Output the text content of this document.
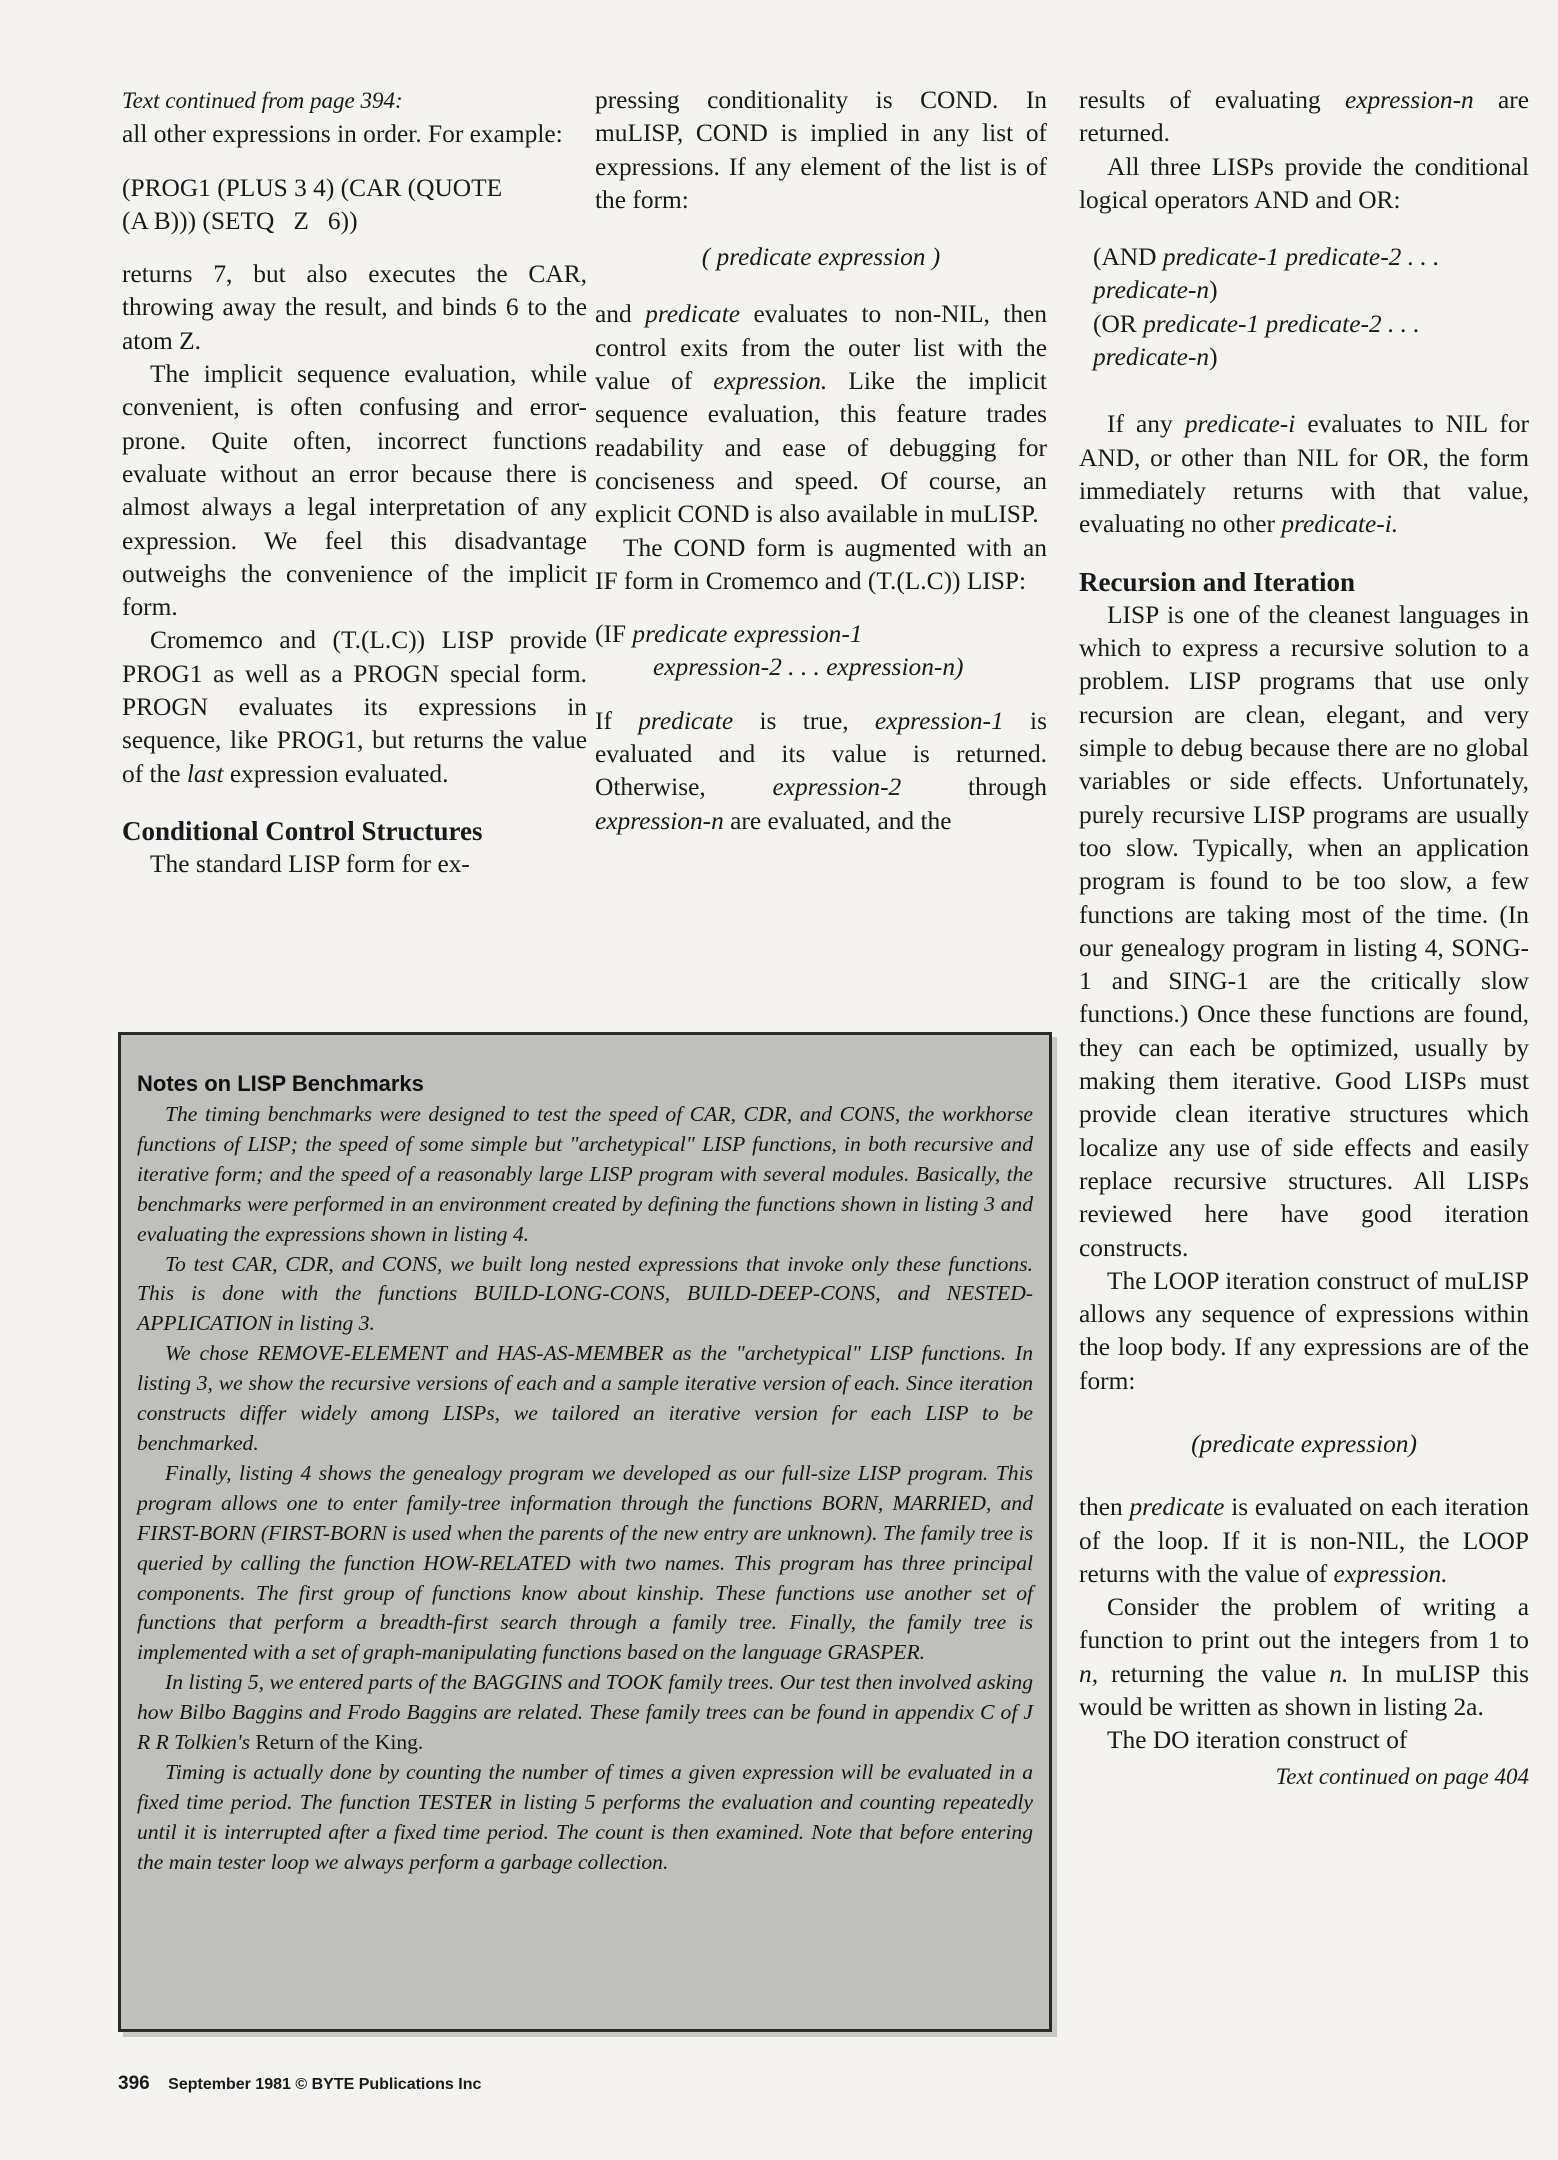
Text continued from page 394:

all other expressions in order. For example:

(PROG1 (PLUS 3 4) (CAR (QUOTE
(A B))) (SETQ   Z   6))

returns 7, but also executes the CAR, throwing away the result, and binds 6 to the atom Z.

The implicit sequence evaluation, while convenient, is often confusing and error-prone. Quite often, incorrect functions evaluate without an error because there is almost always a legal interpretation of any expression. We feel this disadvantage outweighs the convenience of the implicit form.

Cromemco and (T.(L.C)) LISP provide PROG1 as well as a PROGN special form. PROGN evaluates its expressions in sequence, like PROG1, but returns the value of the last expression evaluated.

Conditional Control Structures

The standard LISP form for ex-

pressing conditionality is COND. In muLISP, COND is implied in any list of expressions. If any element of the list is of the form:

( predicate expression )

and predicate evaluates to non-NIL, then control exits from the outer list with the value of expression. Like the implicit sequence evaluation, this feature trades readability and ease of debugging for conciseness and speed. Of course, an explicit COND is also available in muLISP.

The COND form is augmented with an IF form in Cromemco and (T.(L.C)) LISP:

(IF predicate expression-1
expression-2 . . . expression-n)

If predicate is true, expression-1 is evaluated and its value is returned. Otherwise, expression-2 through expression-n are evaluated, and the

results of evaluating expression-n are returned.

All three LISPs provide the conditional logical operators AND and OR:

(AND predicate-1 predicate-2 . . .
predicate-n)
(OR predicate-1 predicate-2 . . .
predicate-n)

If any predicate-i evaluates to NIL for AND, or other than NIL for OR, the form immediately returns with that value, evaluating no other predicate-i.

Recursion and Iteration

LISP is one of the cleanest languages in which to express a recursive solution to a problem. LISP programs that use only recursion are clean, elegant, and very simple to debug because there are no global variables or side effects. Unfortunately, purely recursive LISP programs are usually too slow. Typically, when an application program is found to be too slow, a few functions are taking most of the time. (In our genealogy program in listing 4, SONG-1 and SING-1 are the critically slow functions.) Once these functions are found, they can each be optimized, usually by making them iterative. Good LISPs must provide clean iterative structures which localize any use of side effects and easily replace recursive structures. All LISPs reviewed here have good iteration constructs.

The LOOP iteration construct of muLISP allows any sequence of expressions within the loop body. If any expressions are of the form:

(predicate expression)

then predicate is evaluated on each iteration of the loop. If it is non-NIL, the LOOP returns with the value of expression.

Consider the problem of writing a function to print out the integers from 1 to n, returning the value n. In muLISP this would be written as shown in listing 2a.

The DO iteration construct of

Text continued on page 404
Notes on LISP Benchmarks

The timing benchmarks were designed to test the speed of CAR, CDR, and CONS, the workhorse functions of LISP; the speed of some simple but "archetypical" LISP functions, in both recursive and iterative form; and the speed of a reasonably large LISP program with several modules. Basically, the benchmarks were performed in an environment created by defining the functions shown in listing 3 and evaluating the expressions shown in listing 4.

To test CAR, CDR, and CONS, we built long nested expressions that invoke only these functions. This is done with the functions BUILD-LONG-CONS, BUILD-DEEP-CONS, and NESTED-APPLICATION in listing 3.

We chose REMOVE-ELEMENT and HAS-AS-MEMBER as the "archetypical" LISP functions. In listing 3, we show the recursive versions of each and a sample iterative version of each. Since iteration constructs differ widely among LISPs, we tailored an iterative version for each LISP to be benchmarked.

Finally, listing 4 shows the genealogy program we developed as our full-size LISP program. This program allows one to enter family-tree information through the functions BORN, MARRIED, and FIRST-BORN (FIRST-BORN is used when the parents of the new entry are unknown). The family tree is queried by calling the function HOW-RELATED with two names. This program has three principal components. The first group of functions know about kinship. These functions use another set of functions that perform a breadth-first search through a family tree. Finally, the family tree is implemented with a set of graph-manipulating functions based on the language GRASPER.

In listing 5, we entered parts of the BAGGINS and TOOK family trees. Our test then involved asking how Bilbo Baggins and Frodo Baggins are related. These family trees can be found in appendix C of J R R Tolkien's Return of the King.

Timing is actually done by counting the number of times a given expression will be evaluated in a fixed time period. The function TESTER in listing 5 performs the evaluation and counting repeatedly until it is interrupted after a fixed time period. The count is then examined. Note that before entering the main tester loop we always perform a garbage collection.

396 September 1981 © BYTE Publications Inc
